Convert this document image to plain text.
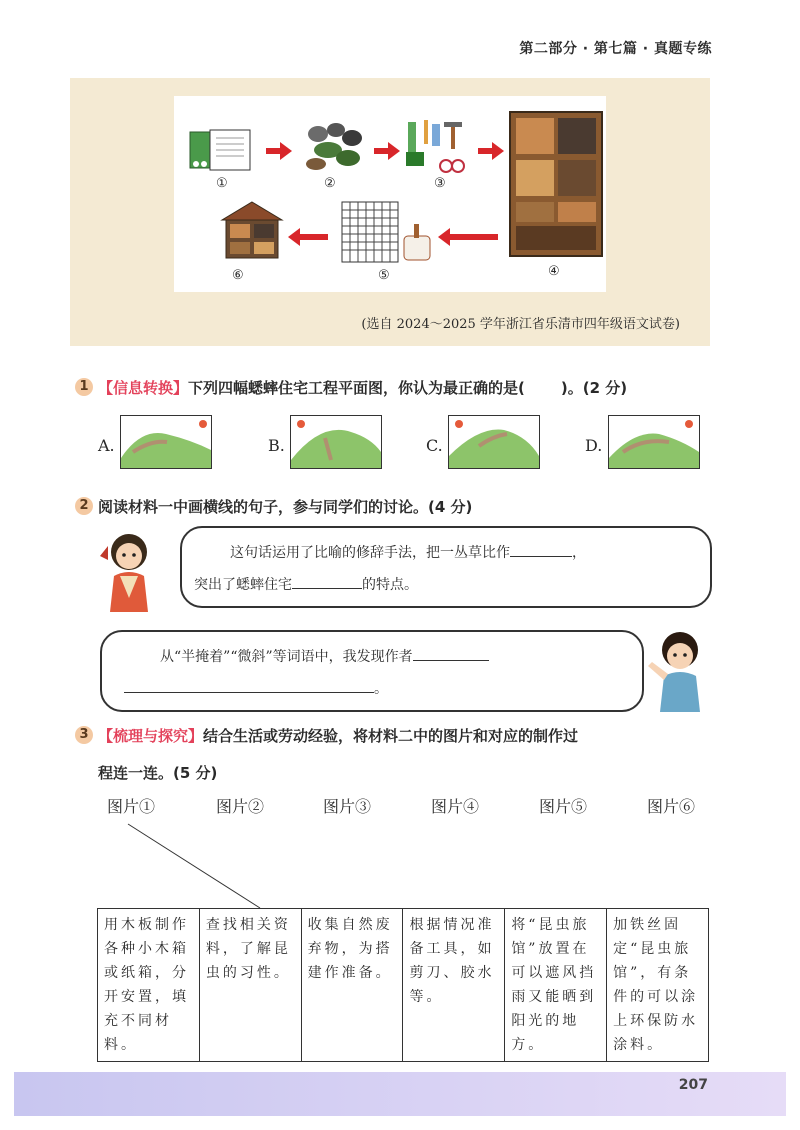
第二部分 · 第七篇 · 真题专练
①	②	③
④
⑤
⑥
(选自 2024～2025 学年浙江省乐清市四年级语文试卷)
1 【信息转换】下列四幅蟋蟀住宅工程平面图，你认为最正确的是( )。(2 分)
A.	B.	C.	D.
2 阅读材料一中画横线的句子，参与同学们的讨论。(4 分)
这句话运用了比喻的修辞手法，把一丛草比作	，
突出了蟋蟀住宅	的特点。
从“半掩着”“微斜”等词语中，我发现作者
。
3 【梳理与探究】结合生活或劳动经验，将材料二中的图片和对应的制作过
程连一连。(5 分)
图片①	图片②	图片③	图片④	图片⑤	图片⑥
用木板制作各种小木箱或纸箱，分开安置，填充不同材料。	查找相关资料，了解昆虫的习性。	收集自然废弃物，为搭建作准备。	根据情况准备工具，如剪刀、胶水等。	将“昆虫旅馆”放置在可以遮风挡雨又能晒到阳光的地方。	加铁丝固定“昆虫旅馆”，有条件的可以涂上环保防水涂料。
207
